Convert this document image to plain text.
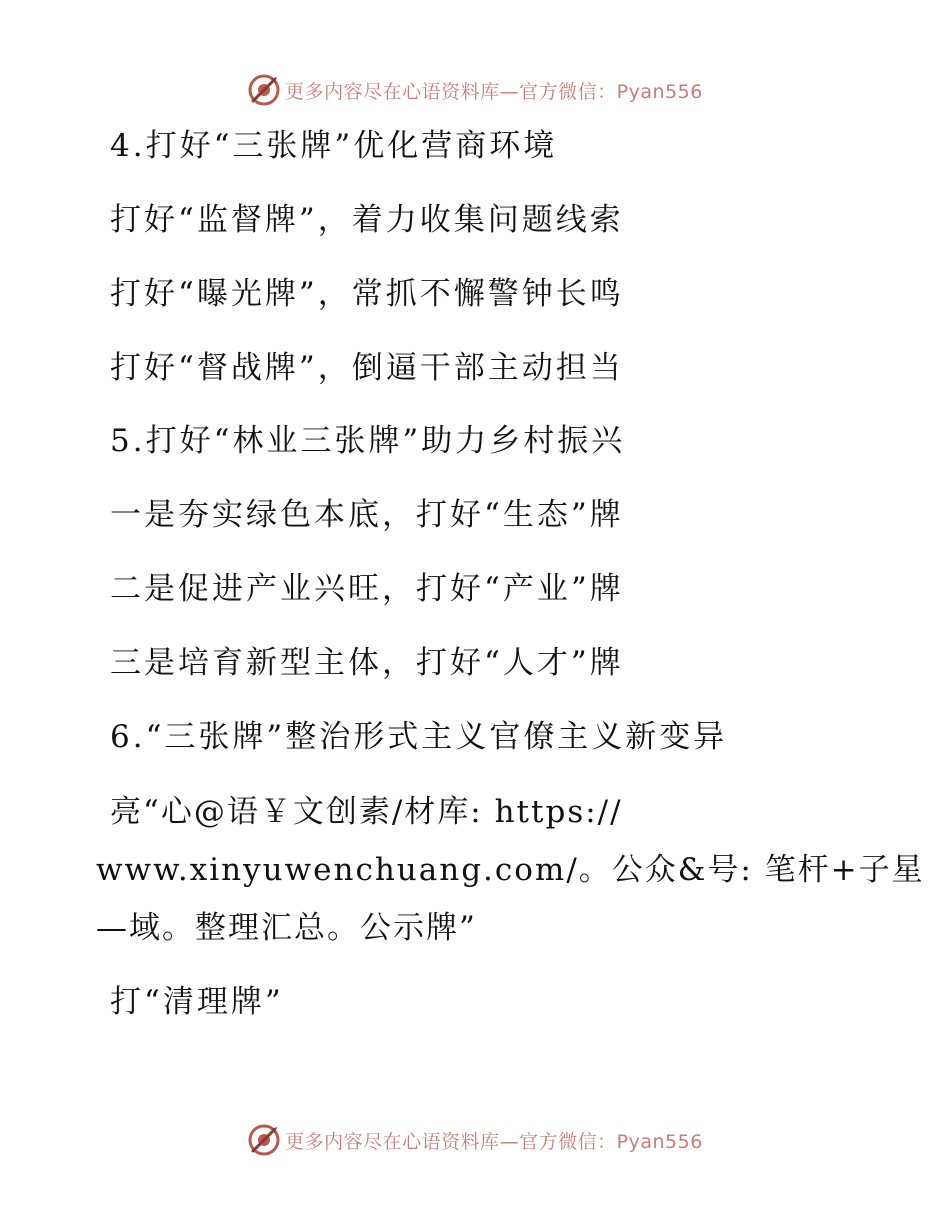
更多内容尽在心语资料库—官方微信：Pyan556
4.打好“三张牌”优化营商环境
打好“监督牌”，着力收集问题线索
打好“曝光牌”，常抓不懈警钟长鸣
打好“督战牌”，倒逼干部主动担当
5.打好“林业三张牌”助力乡村振兴
一是夯实绿色本底，打好“生态”牌
二是促进产业兴旺，打好“产业”牌
三是培育新型主体，打好“人才”牌
6.“三张牌”整治形式主义官僚主义新变异
亮“心@语￥文创素/材库: https://
www.xinyuwenchuang.com/。公众&号: 笔杆+子星
—域。整理汇总。公示牌”
打“清理牌”
更多内容尽在心语资料库—官方微信：Pyan556
